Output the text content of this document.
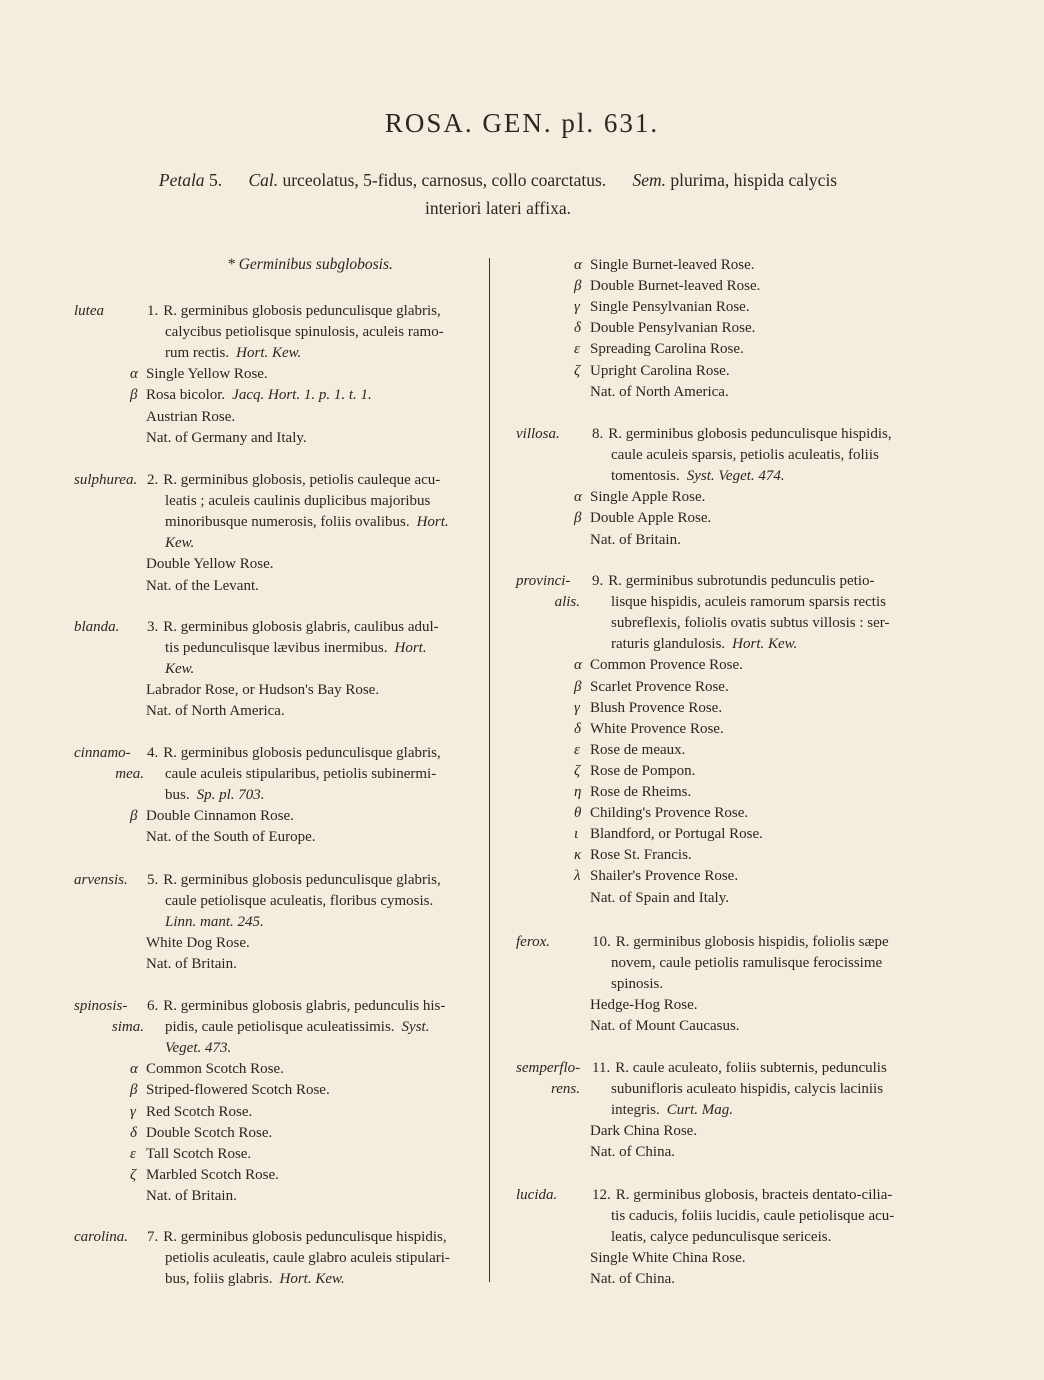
ROSA. GEN. pl. 631.
Petala 5. Cal. urceolatus, 5-fidus, carnosus, collo coarctatus. Sem. plurima, hispida calycis
interiori lateri affixa.
* Germinibus subglobosis.
lutea	1. R. germinibus globosis pedunculisque glabris,
calycibus petiolisque spinulosis, aculeis ramo-
rum rectis. Hort. Kew.
α Single Yellow Rose.
β Rosa bicolor. Jacq. Hort. 1. p. 1. t. 1.
Austrian Rose.
Nat. of Germany and Italy.
sulphurea. 2. R. germinibus globosis, petiolis cauleque acu-
leatis ; aculeis caulinis duplicibus majoribus
minoribusque numerosis, foliis ovalibus. Hort.
Kew.
Double Yellow Rose.
Nat. of the Levant.
blanda.	3. R. germinibus globosis glabris, caulibus adul-
tis pedunculisque lævibus inermibus. Hort.
Kew.
Labrador Rose, or Hudson's Bay Rose.
Nat. of North America.
cinnamo-
mea.
4. R. germinibus globosis pedunculisque glabris,
caule aculeis stipularibus, petiolis subinermi-
bus. Sp. pl. 703.
β Double Cinnamon Rose.
Nat. of the South of Europe.
arvensis.	5. R. germinibus globosis pedunculisque glabris,
caule petiolisque aculeatis, floribus cymosis.
Linn. mant. 245.
White Dog Rose.
Nat. of Britain.
spinosis-
sima.
6. R. germinibus globosis glabris, pedunculis his-
pidis, caule petiolisque aculeatissimis. Syst.
Veget. 473.
α Common Scotch Rose.
β Striped-flowered Scotch Rose.
γ Red Scotch Rose.
δ Double Scotch Rose.
ε Tall Scotch Rose.
ζ Marbled Scotch Rose.
Nat. of Britain.
carolina.	7. R. germinibus globosis pedunculisque hispidis,
petiolis aculeatis, caule glabro aculeis stipulari-
bus, foliis glabris. Hort. Kew.
α Single Burnet-leaved Rose.
β Double Burnet-leaved Rose.
γ Single Pensylvanian Rose.
δ Double Pensylvanian Rose.
ε Spreading Carolina Rose.
ζ Upright Carolina Rose.
Nat. of North America.
villosa.	8. R. germinibus globosis pedunculisque hispidis,
caule aculeis sparsis, petiolis aculeatis, foliis
tomentosis. Syst. Veget. 474.
α Single Apple Rose.
β Double Apple Rose.
Nat. of Britain.
provinci-
alis.
9. R. germinibus subrotundis pedunculis petio-
lisque hispidis, aculeis ramorum sparsis rectis
subreflexis, foliolis ovatis subtus villosis : ser-
raturis glandulosis. Hort. Kew.
α Common Provence Rose.
β Scarlet Provence Rose.
γ Blush Provence Rose.
δ White Provence Rose.
ε Rose de meaux.
ζ Rose de Pompon.
η Rose de Rheims.
θ Childing's Provence Rose.
ι Blandford, or Portugal Rose.
κ Rose St. Francis.
λ Shailer's Provence Rose.
Nat. of Spain and Italy.
ferox.	10. R. germinibus globosis hispidis, foliolis sæpe
novem, caule petiolis ramulisque ferocissime
spinosis.
Hedge-Hog Rose.
Nat. of Mount Caucasus.
semperflo-
rens.
11. R. caule aculeato, foliis subternis, pedunculis
subunifloris aculeato hispidis, calycis laciniis
integris. Curt. Mag.
Dark China Rose.
Nat. of China.
lucida.	12. R. germinibus globosis, bracteis dentato-cilia-
tis caducis, foliis lucidis, caule petiolisque acu-
leatis, calyce pedunculisque sericeis.
Single White China Rose.
Nat. of China.
